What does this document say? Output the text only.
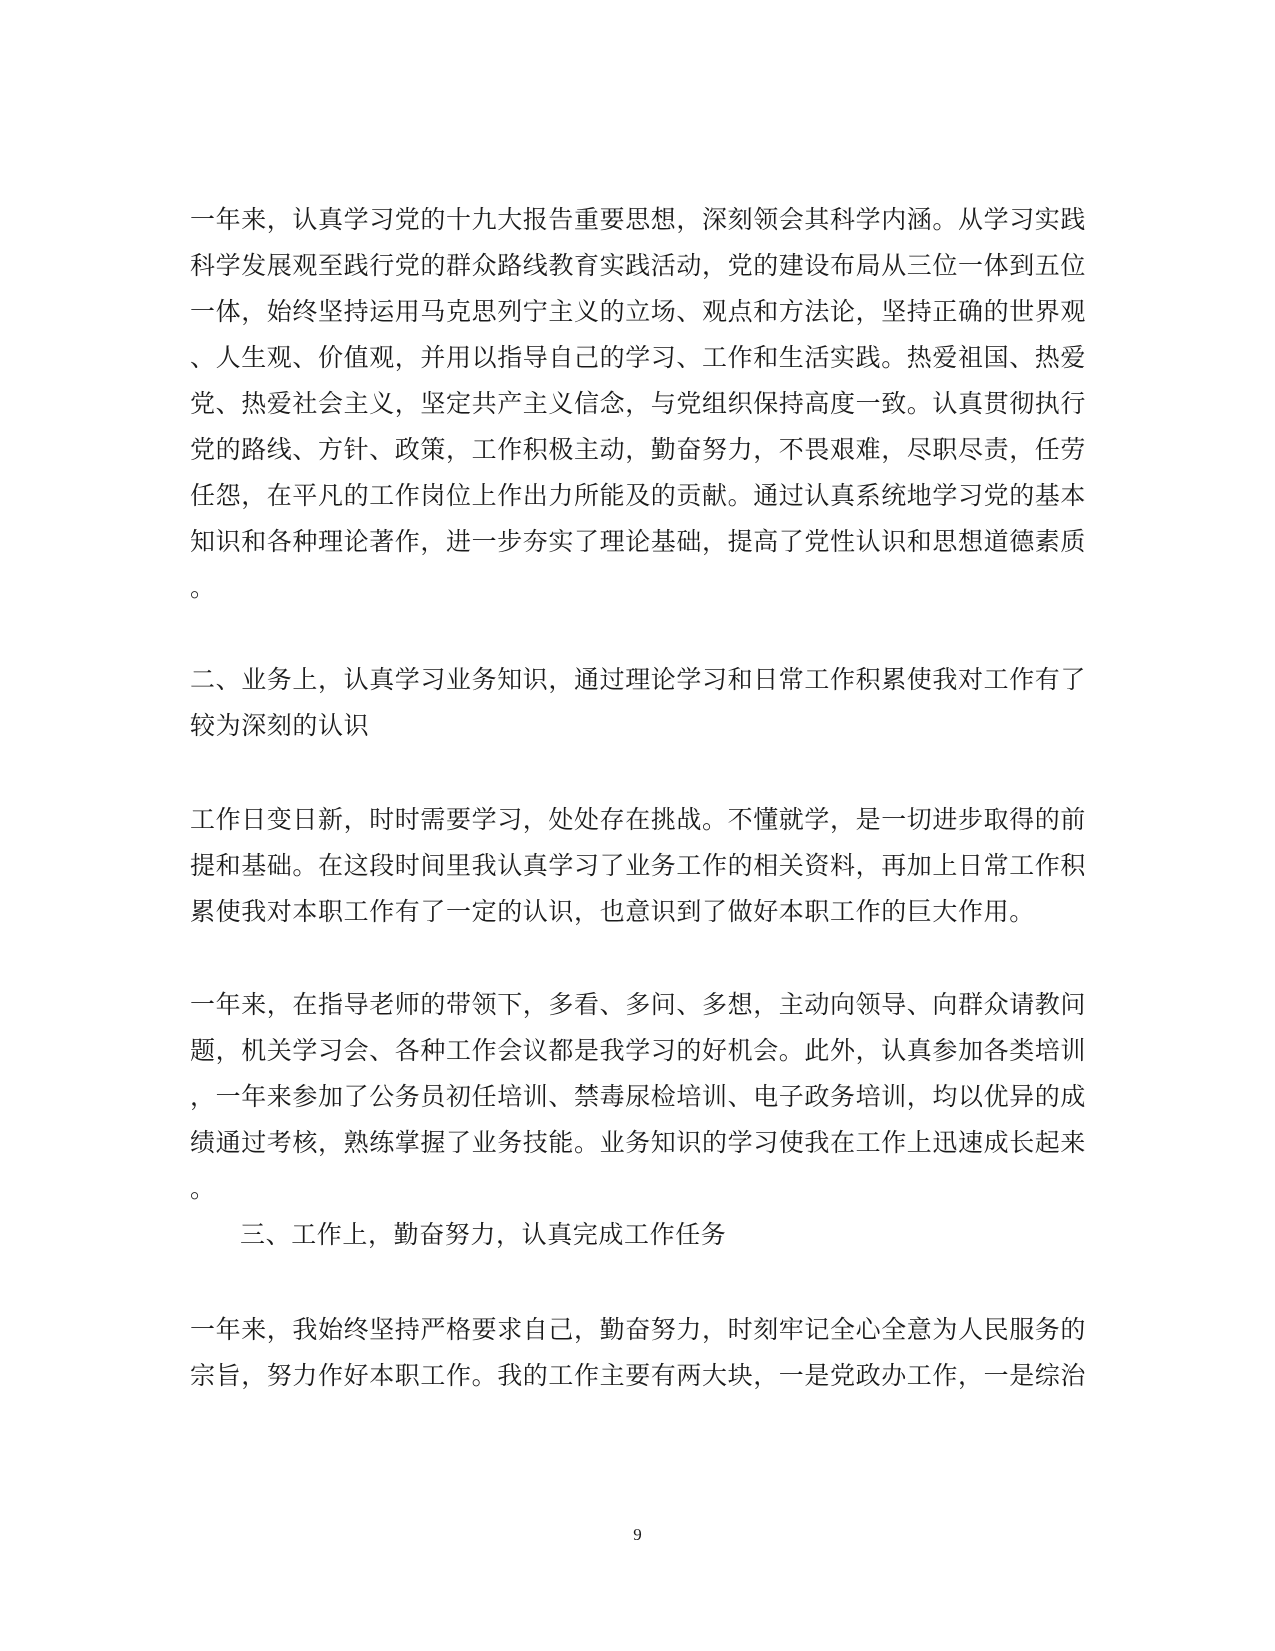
一年来，认真学习党的十九大报告重要思想，深刻领会其科学内涵。从学习实践
科学发展观至践行党的群众路线教育实践活动，党的建设布局从三位一体到五位
一体，始终坚持运用马克思列宁主义的立场、观点和方法论，坚持正确的世界观
、人生观、价值观，并用以指导自己的学习、工作和生活实践。热爱祖国、热爱
党、热爱社会主义，坚定共产主义信念，与党组织保持高度一致。认真贯彻执行
党的路线、方针、政策，工作积极主动，勤奋努力，不畏艰难，尽职尽责，任劳
任怨，在平凡的工作岗位上作出力所能及的贡献。通过认真系统地学习党的基本
知识和各种理论著作，进一步夯实了理论基础，提高了党性认识和思想道德素质
。
二、业务上，认真学习业务知识，通过理论学习和日常工作积累使我对工作有了
较为深刻的认识
工作日变日新，时时需要学习，处处存在挑战。不懂就学，是一切进步取得的前
提和基础。在这段时间里我认真学习了业务工作的相关资料，再加上日常工作积
累使我对本职工作有了一定的认识，也意识到了做好本职工作的巨大作用。
一年来，在指导老师的带领下，多看、多问、多想，主动向领导、向群众请教问
题，机关学习会、各种工作会议都是我学习的好机会。此外，认真参加各类培训
，一年来参加了公务员初任培训、禁毒尿检培训、电子政务培训，均以优异的成
绩通过考核，熟练掌握了业务技能。业务知识的学习使我在工作上迅速成长起来
。
三、工作上，勤奋努力，认真完成工作任务
一年来，我始终坚持严格要求自己，勤奋努力，时刻牢记全心全意为人民服务的
宗旨，努力作好本职工作。我的工作主要有两大块，一是党政办工作，一是综治
9
